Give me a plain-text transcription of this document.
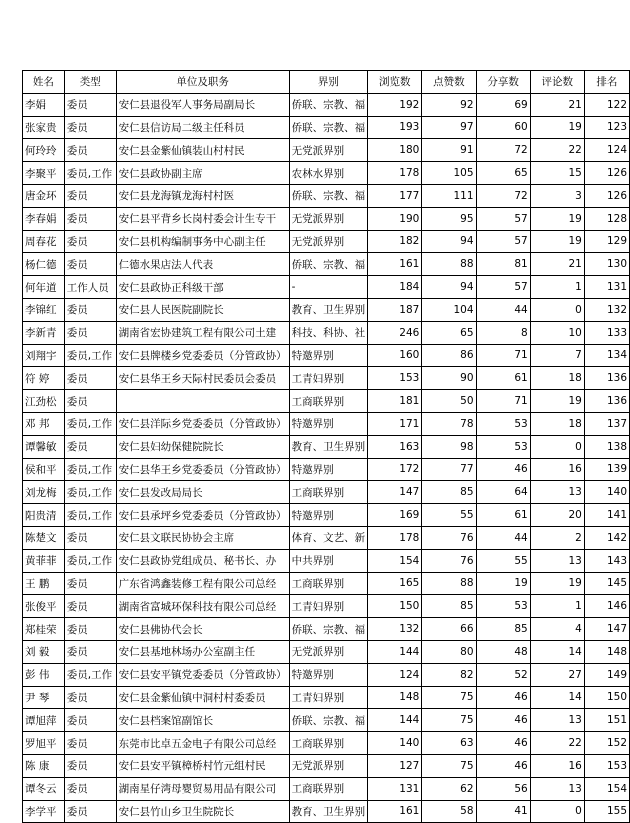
姓名	类型	单位及职务	界别	浏览数	点赞数	分享数	评论数	排名
李娟	委员	安仁县退役军人事务局副局长	侨联、宗教、福	192	92	69	21	122
张家贵	委员	安仁县信访局二级主任科员	侨联、宗教、福	193	97	60	19	123
何玲玲	委员	安仁县金紫仙镇装山村村民	无党派界别	180	91	72	22	124
李聚平	委员,工作	安仁县政协副主席	农林水界别	178	105	65	15	126
唐金环	委员	安仁县龙海镇龙海村村医	侨联、宗教、福	177	111	72	3	126
李春娟	委员	安仁县平背乡长岗村委会计生专干	无党派界别	190	95	57	19	128
周春花	委员	安仁县机构编制事务中心副主任	无党派界别	182	94	57	19	129
杨仁德	委员	仁德水果店法人代表	侨联、宗教、福	161	88	81	21	130
何年道	工作人员	安仁县政协正科级干部	-	184	94	57	1	131
李锦红	委员	安仁县人民医院副院长	教育、卫生界别	187	104	44	0	132
李新青	委员	湖南省宏协建筑工程有限公司土建	科技、科协、社	246	65	8	10	133
刘翔宇	委员,工作	安仁县牌楼乡党委委员（分管政协）	特邀界别	160	86	71	7	134
符 婷	委员	安仁县华王乡天际村民委员会委员	工青妇界别	153	90	61	18	136
江劲松	委员		工商联界别	181	50	71	19	136
邓 邦	委员,工作	安仁县洋际乡党委委员（分管政协）	特邀界别	171	78	53	18	137
谭馨敏	委员	安仁县妇幼保健院院长	教育、卫生界别	163	98	53	0	138
侯和平	委员,工作	安仁县华王乡党委委员（分管政协）	特邀界别	172	77	46	16	139
刘龙梅	委员,工作	安仁县发改局局长	工商联界别	147	85	64	13	140
阳贵清	委员,工作	安仁县承坪乡党委委员（分管政协）	特邀界别	169	55	61	20	141
陈楚文	委员	安仁县文联民协协会主席	体育、文艺、新	178	76	44	2	142
黄菲菲	委员,工作	安仁县政协党组成员、秘书长、办	中共界别	154	76	55	13	143
王 鹏	委员	广东省鸿鑫装修工程有限公司总经	工商联界别	165	88	19	19	145
张俊平	委员	湖南省富城环保科技有限公司总经	工青妇界别	150	85	53	1	146
郑桂荣	委员	安仁县佛协代会长	侨联、宗教、福	132	66	85	4	147
刘 毅	委员	安仁县基地林场办公室副主任	无党派界别	144	80	48	14	148
彭 伟	委员,工作	安仁县安平镇党委委员（分管政协）	特邀界别	124	82	52	27	149
尹 琴	委员	安仁县金紫仙镇中洞村村委委员	工青妇界别	148	75	46	14	150
谭旭萍	委员	安仁县档案馆副馆长	侨联、宗教、福	144	75	46	13	151
罗旭平	委员	东莞市比卓五金电子有限公司总经	工商联界别	140	63	46	22	152
陈 康	委员	安仁县安平镇樟桥村竹元组村民	无党派界别	127	75	46	16	153
谭冬云	委员	湖南星仔湾母婴贸易用品有限公司	工商联界别	131	62	56	13	154
李学平	委员	安仁县竹山乡卫生院院长	教育、卫生界别	161	58	41	0	155
